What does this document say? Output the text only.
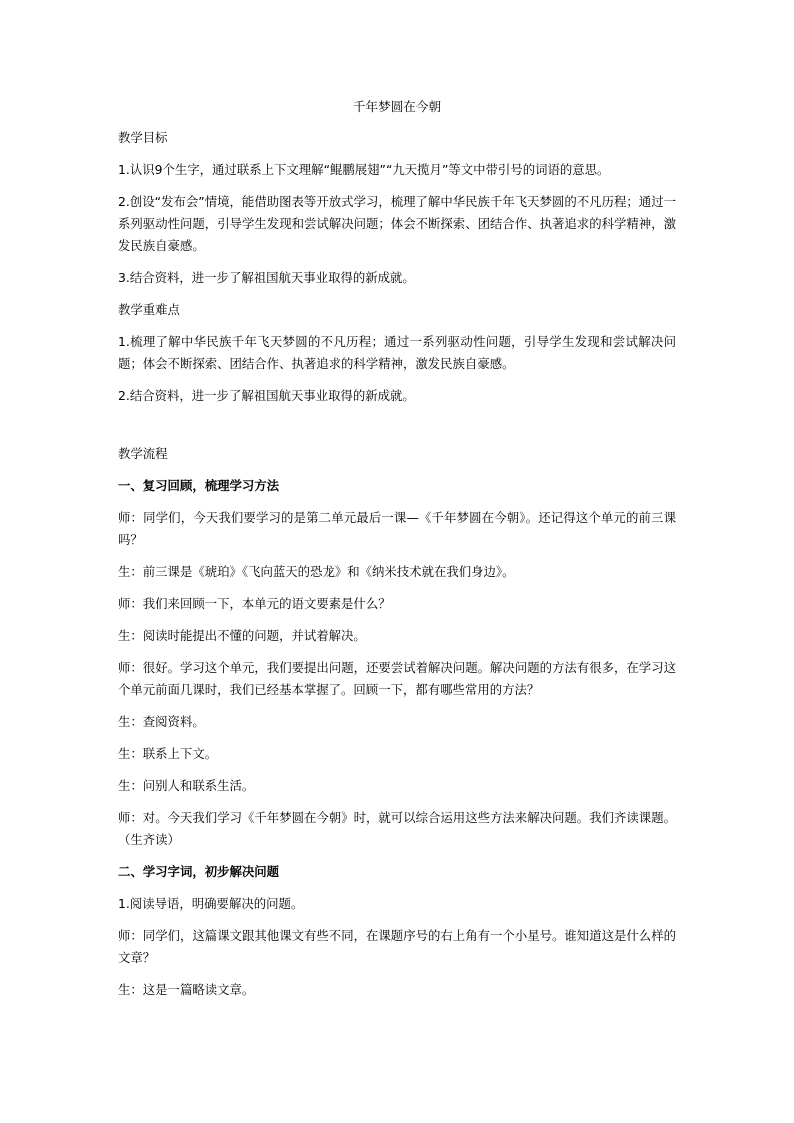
千年梦圆在今朝
教学目标
1.认识9个生字，通过联系上下文理解“鲲鹏展翅”“九天揽月”等文中带引号的词语的意思。
2.创设“发布会”情境，能借助图表等开放式学习，梳理了解中华民族千年飞天梦圆的不凡历程；通过一系列驱动性问题，引导学生发现和尝试解决问题；体会不断探索、团结合作、执著追求的科学精神，激发民族自豪感。
3.结合资料，进一步了解祖国航天事业取得的新成就。
教学重难点
1.梳理了解中华民族千年飞天梦圆的不凡历程；通过一系列驱动性问题，引导学生发现和尝试解决问题；体会不断探索、团结合作、执著追求的科学精神，激发民族自豪感。
2.结合资料，进一步了解祖国航天事业取得的新成就。
教学流程
一、复习回顾，梳理学习方法
师：同学们，今天我们要学习的是第二单元最后一课—《千年梦圆在今朝》。还记得这个单元的前三课吗？
生：前三课是《琥珀》《飞向蓝天的恐龙》和《纳米技术就在我们身边》。
师：我们来回顾一下，本单元的语文要素是什么？
生：阅读时能提出不懂的问题，并试着解决。
师：很好。学习这个单元，我们要提出问题，还要尝试着解决问题。解决问题的方法有很多，在学习这个单元前面几课时，我们已经基本掌握了。回顾一下，都有哪些常用的方法？
生：查阅资料。
生：联系上下文。
生：问别人和联系生活。
师：对。今天我们学习《千年梦圆在今朝》时，就可以综合运用这些方法来解决问题。我们齐读课题。（生齐读）
二、学习字词，初步解决问题
1.阅读导语，明确要解决的问题。
师：同学们，这篇课文跟其他课文有些不同，在课题序号的右上角有一个小星号。谁知道这是什么样的文章？
生：这是一篇略读文章。
